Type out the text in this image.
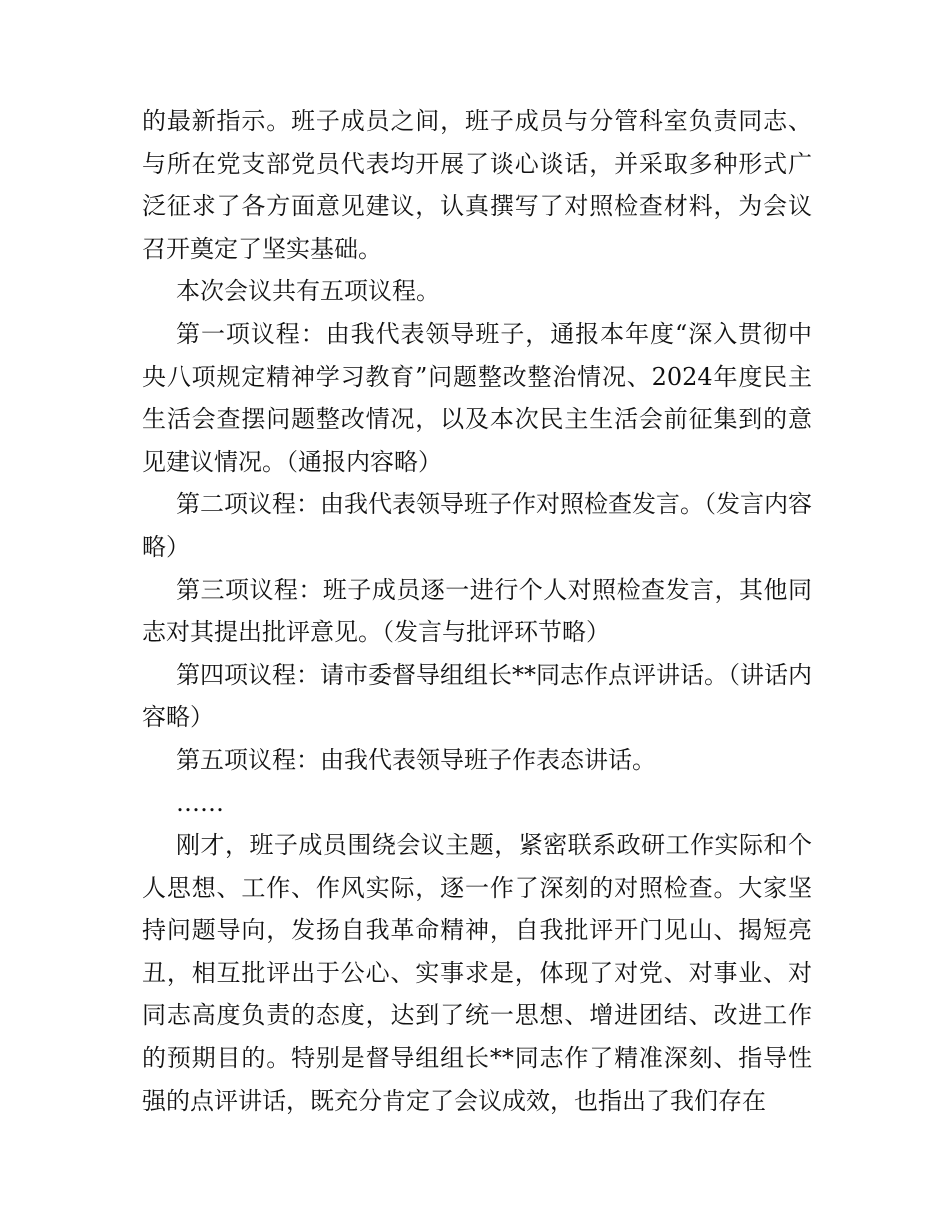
的最新指示。班子成员之间，班子成员与分管科室负责同志、与所在党支部党员代表均开展了谈心谈话，并采取多种形式广泛征求了各方面意见建议，认真撰写了对照检查材料，为会议召开奠定了坚实基础。

本次会议共有五项议程。

第一项议程：由我代表领导班子，通报本年度“深入贯彻中央八项规定精神学习教育”问题整改整治情况、2024年度民主生活会查摆问题整改情况，以及本次民主生活会前征集到的意见建议情况。（通报内容略）

第二项议程：由我代表领导班子作对照检查发言。（发言内容略）

第三项议程：班子成员逐一进行个人对照检查发言，其他同志对其提出批评意见。（发言与批评环节略）

第四项议程：请市委督导组组长**同志作点评讲话。（讲话内容略）

第五项议程：由我代表领导班子作表态讲话。

……

刚才，班子成员围绕会议主题，紧密联系政研工作实际和个人思想、工作、作风实际，逐一作了深刻的对照检查。大家坚持问题导向，发扬自我革命精神，自我批评开门见山、揭短亮丑，相互批评出于公心、实事求是，体现了对党、对事业、对同志高度负责的态度，达到了统一思想、增进团结、改进工作的预期目的。特别是督导组组长**同志作了精准深刻、指导性强的点评讲话，既充分肯定了会议成效，也指出了我们存在
